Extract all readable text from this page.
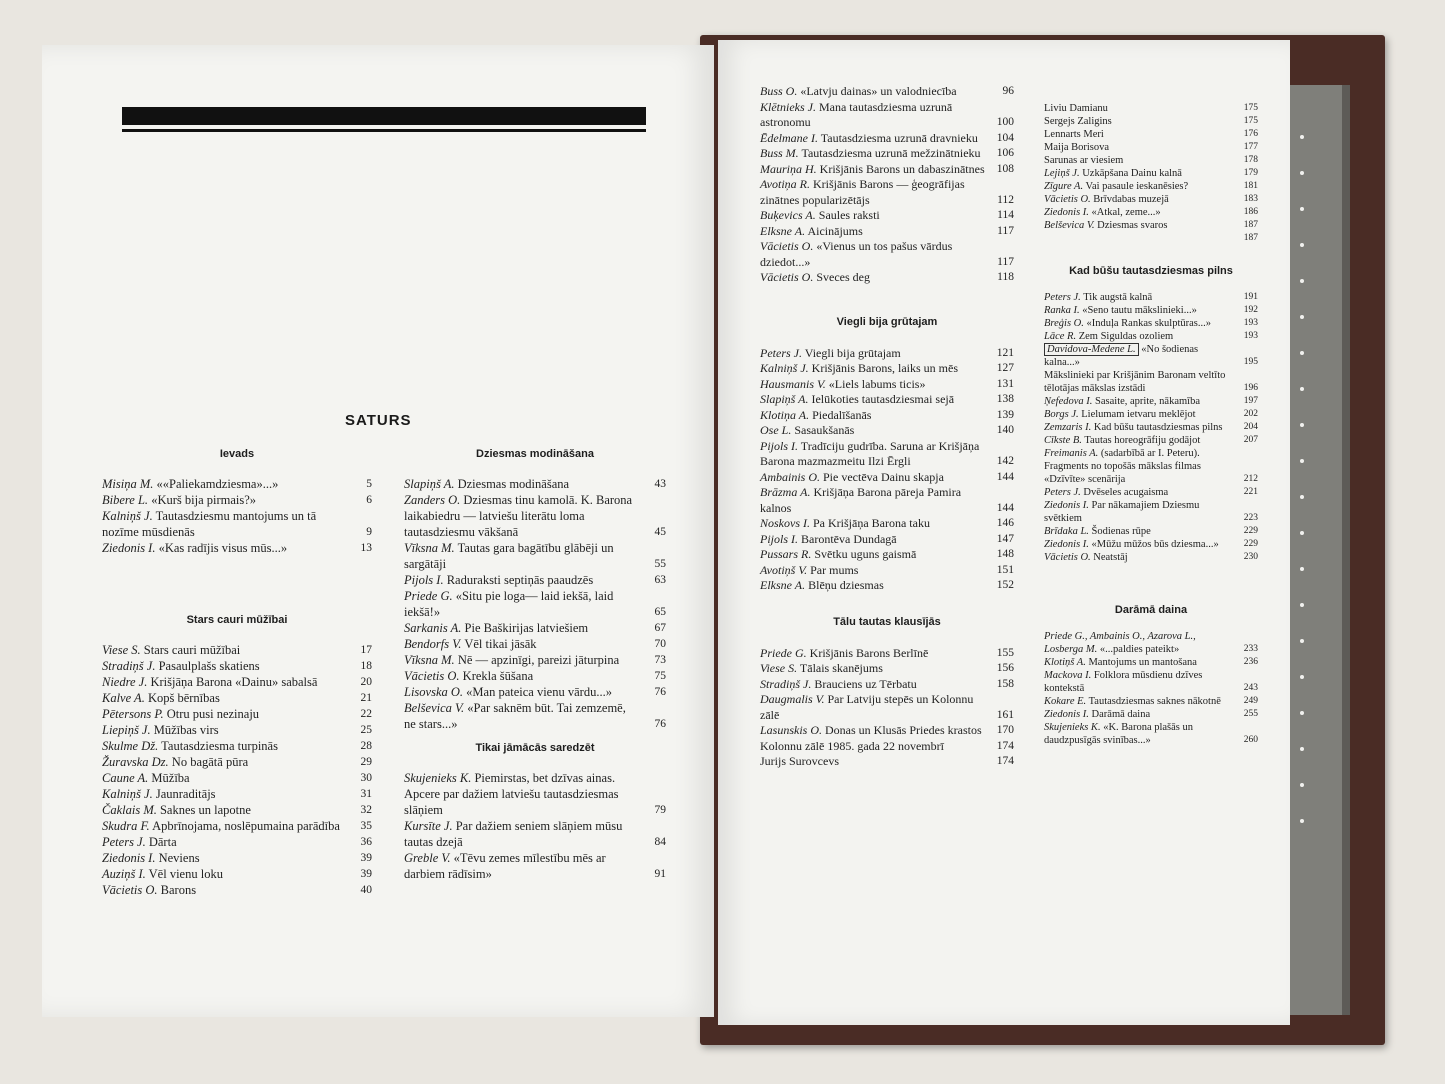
SATURS
Ievads
Misiņa M. ««Paliekamdziesma»...»	5
Bibere L. «Kurš bija pirmais?»	6
Kalniņš J. Tautasdziesmu mantojums un tā nozīme mūsdienās	9
Ziedonis I. «Kas radījis visus mūs...»	13
Stars cauri mūžībai
Viese S. Stars cauri mūžībai	17
Stradiņš J. Pasaulplašs skatiens	18
Niedre J. Krišjāņa Barona «Dainu» sabalsā	20
Kalve A. Kopš bērnības	21
Pētersons P. Otru pusi nezinaju	22
Liepiņš J. Mūžības virs	25
Skulme Dž. Tautasdziesma turpinās	28
Žuravska Dz. No bagātā pūra	29
Caune A. Mūžība	30
Kalniņš J. Jaunraditājs	31
Čaklais M. Saknes un lapotne	32
Skudra F. Apbrīnojama, noslēpumaina parādība	35
Peters J. Dārta	36
Ziedonis I. Neviens	39
Auziņš I. Vēl vienu loku	39
Vācietis O. Barons	40
Dziesmas modināšana
Slapiņš A. Dziesmas modināšana	43
Zanders O. Dziesmas tinu kamolā. K. Barona laikabiedru — latviešu literātu loma tautasdziesmu vākšanā	45
Vīksna M. Tautas gara bagātību glābēji un sargātāji	55
Pijols I. Raduraksti septiņās paaudzēs	63
Priede G. «Situ pie loga— laid iekšā, laid iekšā!»	65
Sarkanis A. Pie Baškirijas latviešiem	67
Bendorfs V. Vēl tikai jāsāk	70
Vīksna M. Nē — apzinīgi, pareizi jāturpina	73
Vācietis O. Krekla šūšana	75
Lisovska O. «Man pateica vienu vārdu...»	76
Belševica V. «Par saknēm būt. Tai zemzemē, ne stars...»	76
Tikai jāmācās saredzēt
Skujenieks K. Piemirstas, bet dzīvas ainas. Apcere par dažiem latviešu tautasdziesmas slāņiem	79
Kursīte J. Par dažiem seniem slāņiem mūsu tautas dzejā	84
Greble V. «Tēvu zemes mīlestību mēs ar darbiem rādīsim»	91
Buss O. «Latvju dainas» un valodniecība	96
Klētnieks J. Mana tautasdziesma uzrunā astronomu	100
Ēdelmane I. Tautasdziesma uzrunā dravnieku	104
Buss M. Tautasdziesma uzrunā mežzinātnieku	106
Mauriņa H. Krišjānis Barons un dabaszinātnes	108
Avotiņa R. Krišjānis Barons — ģeogrāfijas zinātnes popularizētājs	112
Buķevics A. Saules raksti	114
Elksne A. Aicinājums	117
Vācietis O. «Vienus un tos pašus vārdus dziedot...»	117
Vācietis O. Sveces deg	118
Viegli bija grūtajam
Peters J. Viegli bija grūtajam	121
Kalniņš J. Krišjānis Barons, laiks un mēs	127
Hausmanis V. «Liels labums ticis»	131
Slapiņš A. Ielūkoties tautasdziesmai sejā	138
Klotiņa A. Piedalīšanās	139
Ose L. Sasaukšanās	140
Pijols I. Tradīciju gudrība. Saruna ar Krišjāņa Barona mazmazmeitu Ilzi Ērgli	142
Ambainis O. Pie vectēva Dainu skapja	144
Brāzma A. Krišjāņa Barona pāreja Pamira kalnos	144
Noskovs I. Pa Krišjāņa Barona taku	146
Pijols I. Barontēva Dundagā	147
Pussars R. Svētku uguns gaismā	148
Avotiņš V. Par mums	151
Elksne A. Blēņu dziesmas	152
Tālu tautas klausījās
Priede G. Krišjānis Barons Berlīnē	155
Viese S. Tālais skanējums	156
Stradiņš J. Brauciens uz Tērbatu	158
Daugmalis V. Par Latviju stepēs un Kolonnu zālē	161
Lasunskis O. Donas un Klusās Priedes krastos	170
Kolonnu zālē 1985. gada 22 novembrī	174
Jurijs Surovcevs	174
Liviu Damianu	175
Sergejs Zaligins	175
Lennarts Meri	176
Maija Borisova	177
Sarunas ar viesiem	178
Lejiņš J. Uzkāpšana Dainu kalnā	179
Zīgure A. Vai pasaule ieskanēsies?	181
Vācietis O. Brīvdabas muzejā	183
Ziedonis I. «Atkal, zeme...»	186
Belševica V. Dziesmas svaros	187
187
Kad būšu tautasdziesmas pilns
Peters J. Tik augstā kalnā	191
Ranka I. «Seno tautu mākslinieki...»	192
Breģis O. «Induļa Rankas skulptūras...»	193
Lāce R. Zem Siguldas ozoliem	193
Davidova-Medene L. «No šodienas kalna...»	195
Mākslinieki par Krišjānim Baronam veltīto tēlotājas mākslas izstādi	196
Ņefedova I. Sasaite, aprite, nākamība	197
Borgs J. Lielumam ietvaru meklējot	202
Zemzaris I. Kad būšu tautasdziesmas pilns	204
Cīkste B. Tautas horeogrāfiju godājot	207
Freimanis A. (sadarbībā ar I. Peteru). Fragments no topošās mākslas filmas «Dzīvīte» scenārija	212
Peters J. Dvēseles acugaisma	221
Ziedonis I. Par nākamajiem Dziesmu svētkiem	223
Brīdaka L. Šodienas rūpe	229
Ziedonis I. «Mūžu mūžos būs dziesma...»	229
Vācietis O. Neatstāj	230
Darāmā daina
Priede G., Ambainis O., Azarova L., Losberga M. «...paldies pateikt»	233
Klotiņš A. Mantojums un mantošana	236
Mackova I. Folklora mūsdienu dzīves kontekstā	243
Kokare E. Tautasdziesmas saknes nākotnē	249
Ziedonis I. Darāmā daina	255
Skujenieks K. «K. Barona plašās un daudzpusīgās svinības...»	260
